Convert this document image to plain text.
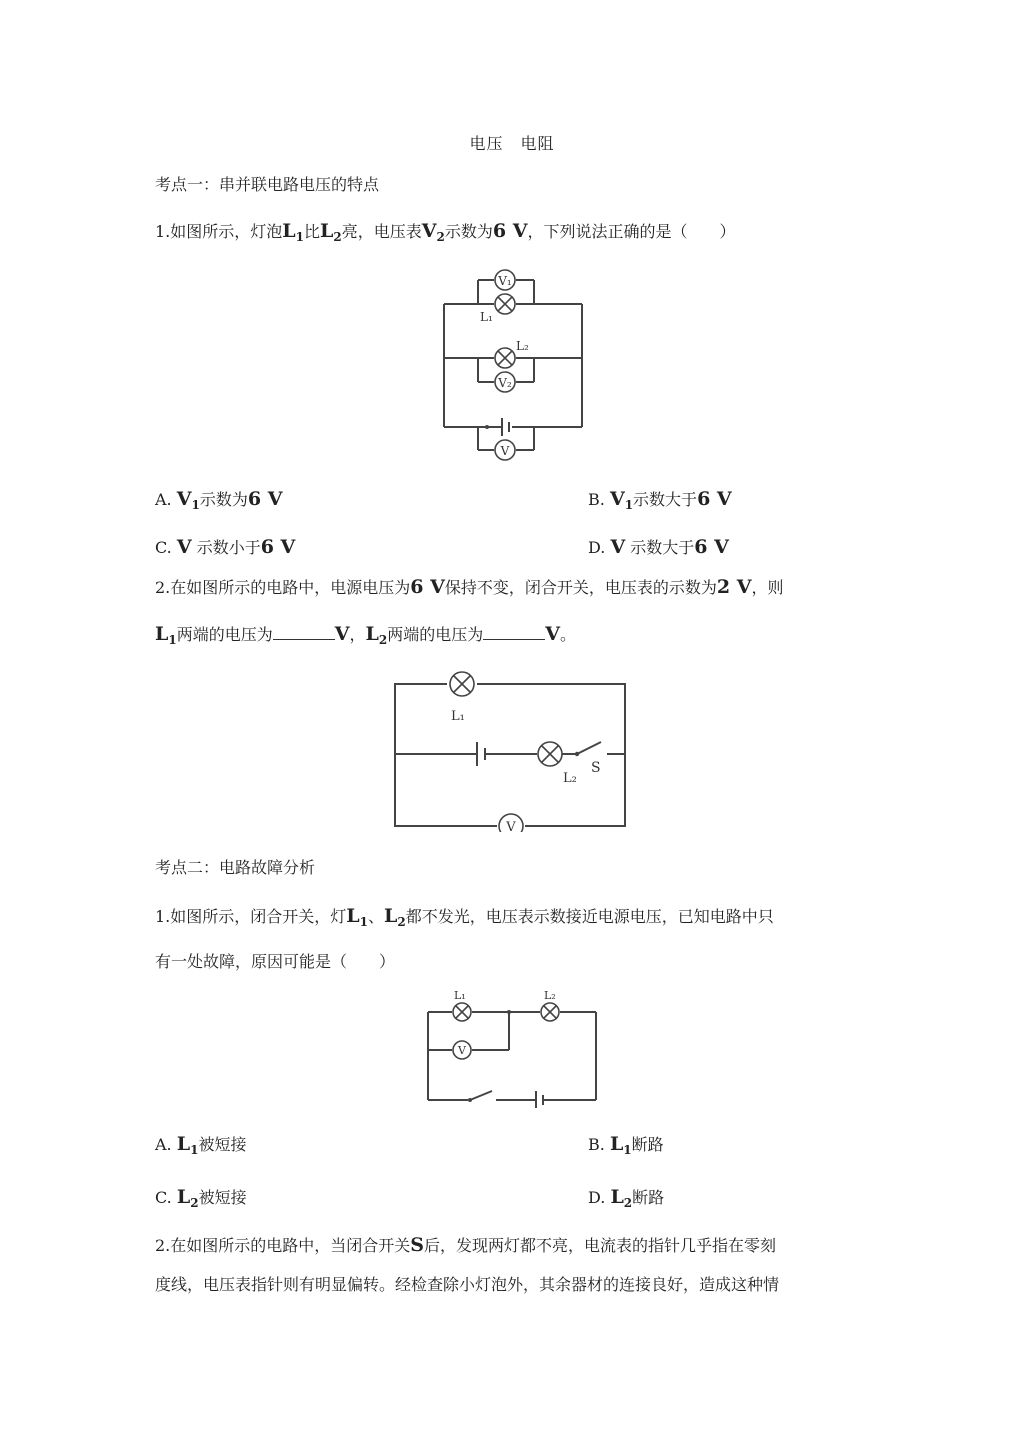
电压　电阻
考点一：串并联电路电压的特点
1.如图所示，灯泡$L_1$比$L_2$亮，电压表$V_2$示数为6 V，下列说法正确的是（　　）
V₁
L₁
L₂
V₂
V
A. $V_1$示数为6 V	B. $V_1$示数大于6 V
C. V 示数小于6 V	D. V 示数大于6 V
2.在如图所示的电路中，电源电压为6 V保持不变，闭合开关，电压表的示数为2 V，则
$L_1$两端的电压为	V，$L_2$两端的电压为	V。
L₁
L₂
S
V
考点二：电路故障分析
1.如图所示，闭合开关，灯$L_1$、$L_2$都不发光，电压表示数接近电源电压，已知电路中只
有一处故障，原因可能是（　　）
L₁	L₂
V
A. $L_1$被短接	B. $L_1$断路
C. $L_2$被短接	D. $L_2$断路
2.在如图所示的电路中，当闭合开关S后，发现两灯都不亮，电流表的指针几乎指在零刻
度线，电压表指针则有明显偏转。经检查除小灯泡外，其余器材的连接良好，造成这种情
